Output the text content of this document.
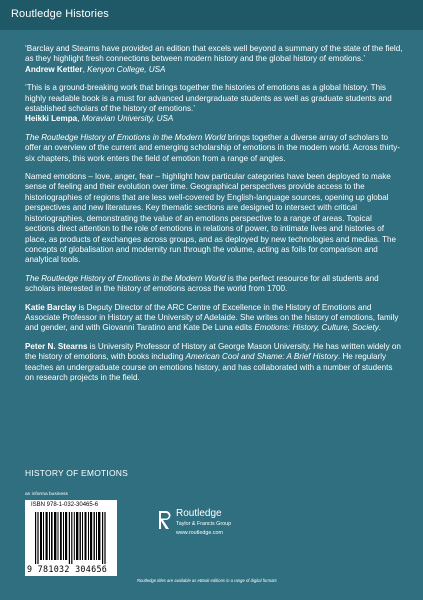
Routledge Histories

‘Barclay and Stearns have provided an edition that excels well beyond a summary of the state of the field, as they highlight fresh connections between modern history and the global history of emotions.’
Andrew Kettler, Kenyon College, USA

‘This is a ground-breaking work that brings together the histories of emotions as a global history. This highly readable book is a must for advanced undergraduate students as well as graduate students and established scholars of the history of emotions.’
Heikki Lempa, Moravian University, USA

The Routledge History of Emotions in the Modern World brings together a diverse array of scholars to offer an overview of the current and emerging scholarship of emotions in the modern world. Across thirty-six chapters, this work enters the field of emotion from a range of angles.

Named emotions – love, anger, fear – highlight how particular categories have been deployed to make sense of feeling and their evolution over time. Geographical perspectives provide access to the historiographies of regions that are less well-covered by English-language sources, opening up global perspectives and new literatures. Key thematic sections are designed to intersect with critical historiographies, demonstrating the value of an emotions perspective to a range of areas. Topical sections direct attention to the role of emotions in relations of power, to intimate lives and histories of place, as products of exchanges across groups, and as deployed by new technologies and medias. The concepts of globalisation and modernity run through the volume, acting as foils for comparison and analytical tools.

The Routledge History of Emotions in the Modern World is the perfect resource for all students and scholars interested in the history of emotions across the world from 1700.

Katie Barclay is Deputy Director of the ARC Centre of Excellence in the History of Emotions and Associate Professor in History at the University of Adelaide. She writes on the history of emotions, family and gender, and with Giovanni Taratino and Kate De Luna edits Emotions: History, Culture, Society.

Peter N. Stearns is University Professor of History at George Mason University. He has written widely on the history of emotions, with books including American Cool and Shame: A Brief History. He regularly teaches an undergraduate course on emotions history, and has collaborated with a number of students on research projects in the field.

HISTORY OF EMOTIONS
an informa business
ISBN 978-1-032-30465-6
9 781032 304656
Routledge
Taylor & Francis Group
www.routledge.com
Routledge titles are available as eBook editions in a range of digital formats
